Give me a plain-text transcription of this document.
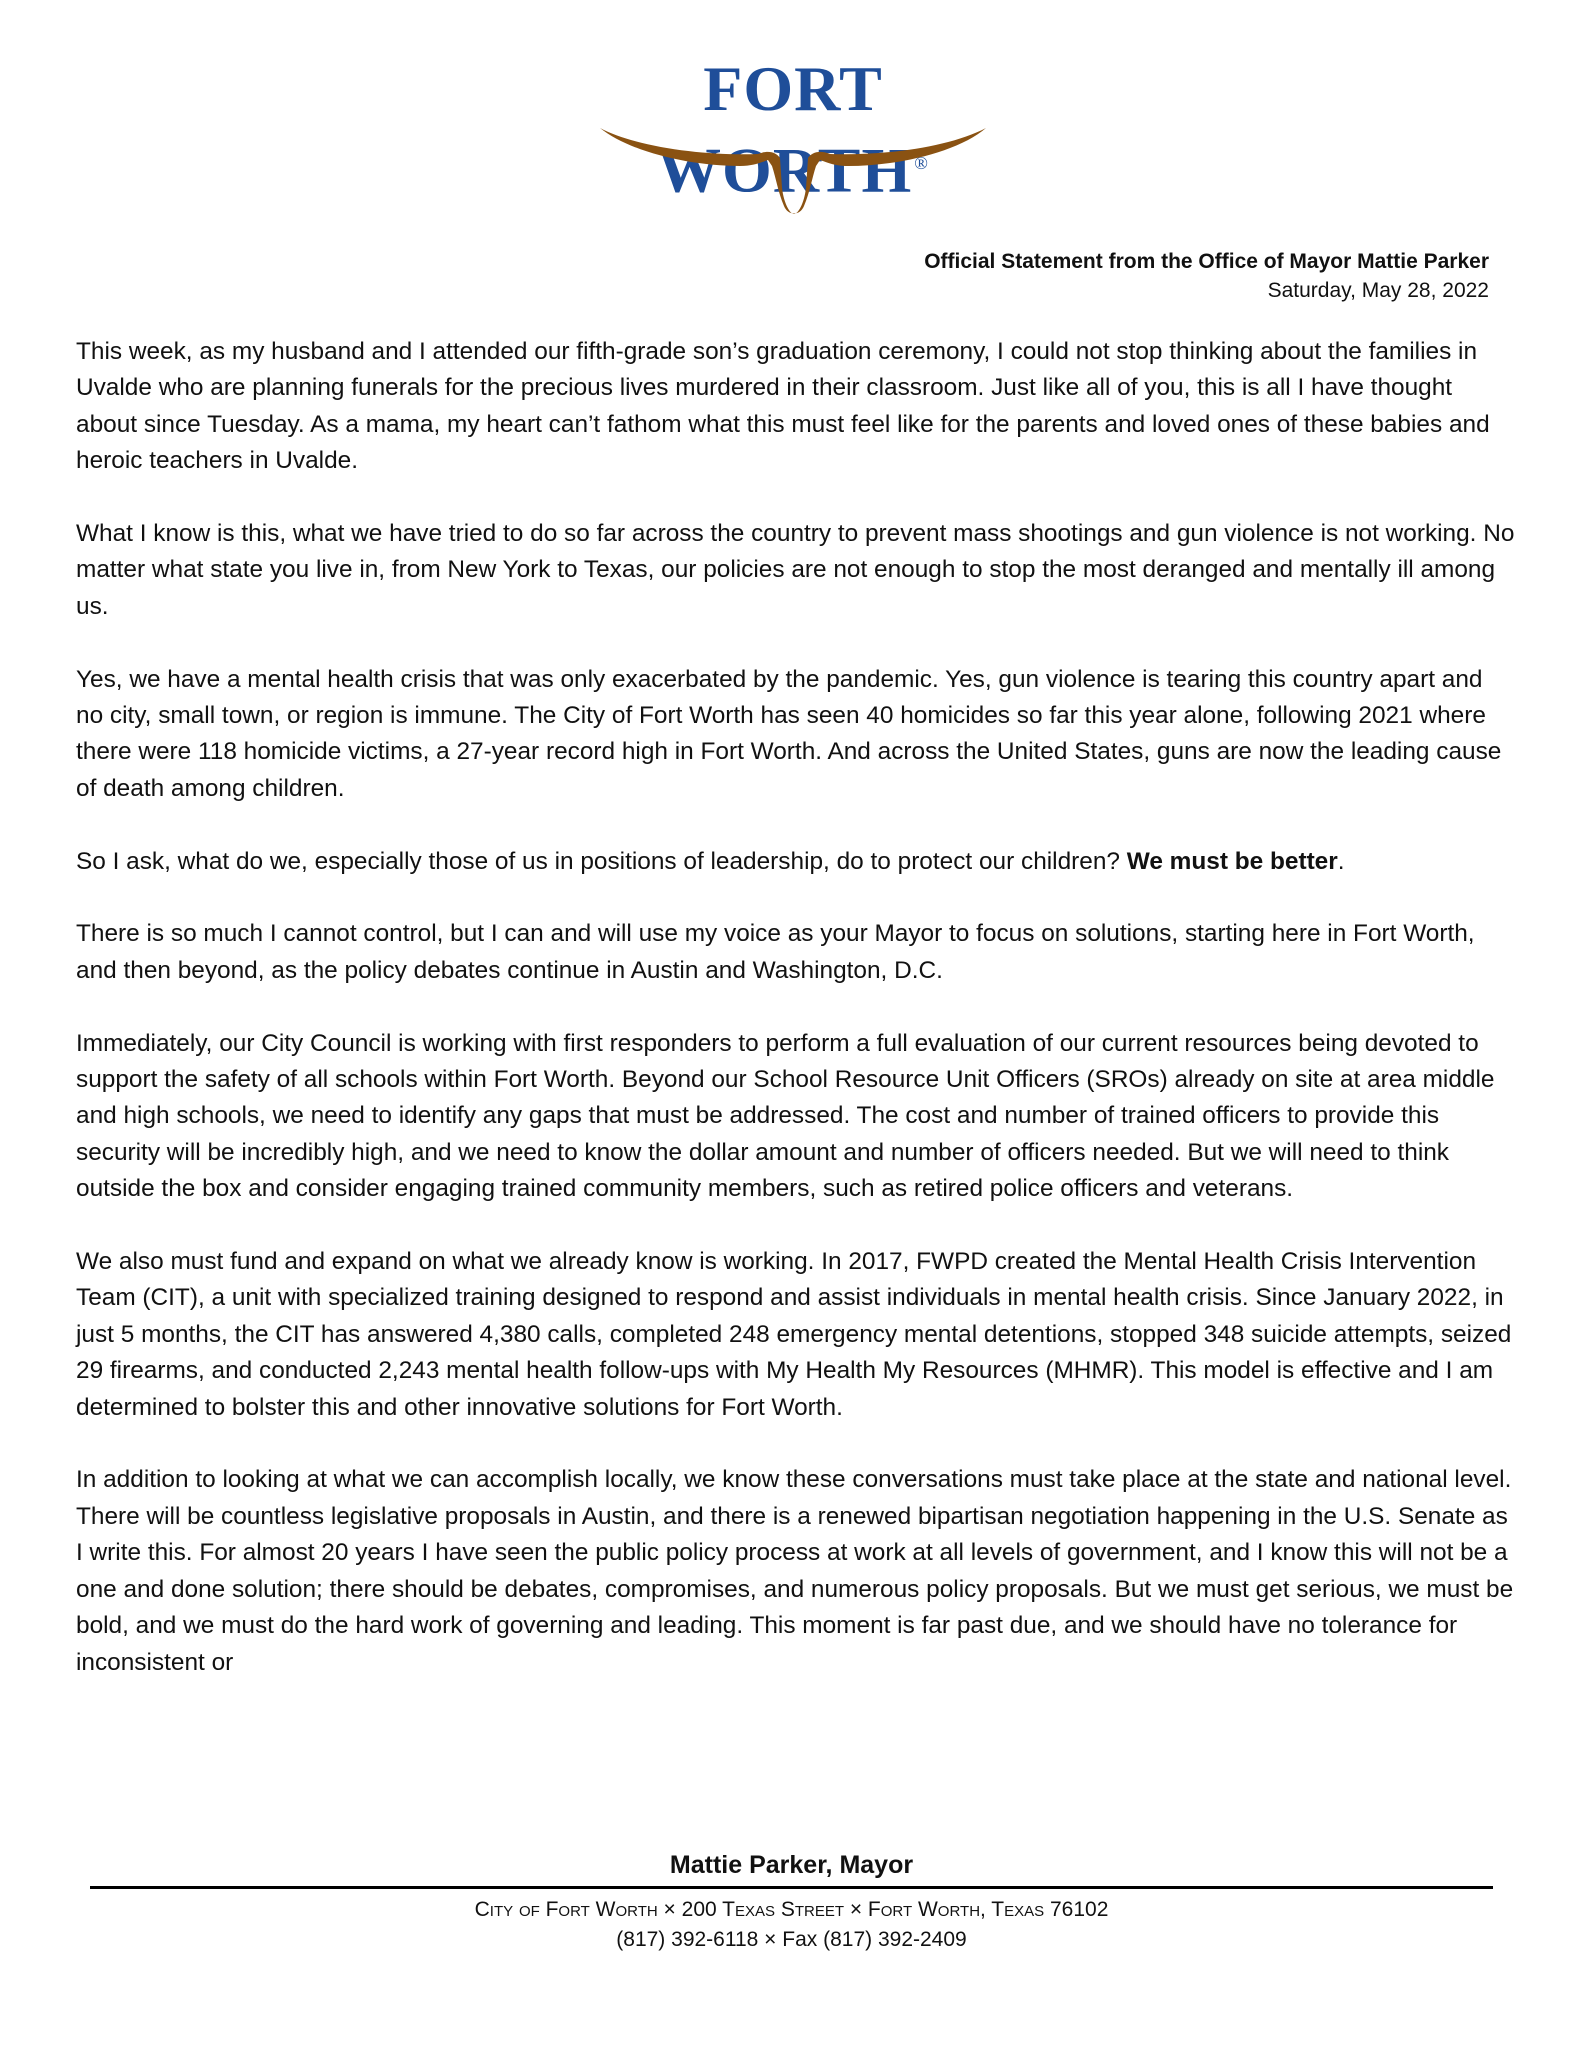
FORT WORTH ®
Official Statement from the Office of Mayor Mattie Parker
Saturday, May 28, 2022

This week, as my husband and I attended our fifth-grade son’s graduation ceremony, I could not stop thinking about the families in Uvalde who are planning funerals for the precious lives murdered in their classroom. Just like all of you, this is all I have thought about since Tuesday. As a mama, my heart can’t fathom what this must feel like for the parents and loved ones of these babies and heroic teachers in Uvalde.

What I know is this, what we have tried to do so far across the country to prevent mass shootings and gun violence is not working. No matter what state you live in, from New York to Texas, our policies are not enough to stop the most deranged and mentally ill among us.

Yes, we have a mental health crisis that was only exacerbated by the pandemic. Yes, gun violence is tearing this country apart and no city, small town, or region is immune. The City of Fort Worth has seen 40 homicides so far this year alone, following 2021 where there were 118 homicide victims, a 27-year record high in Fort Worth. And across the United States, guns are now the leading cause of death among children.

So I ask, what do we, especially those of us in positions of leadership, do to protect our children? We must be better.

There is so much I cannot control, but I can and will use my voice as your Mayor to focus on solutions, starting here in Fort Worth, and then beyond, as the policy debates continue in Austin and Washington, D.C.

Immediately, our City Council is working with first responders to perform a full evaluation of our current resources being devoted to support the safety of all schools within Fort Worth. Beyond our School Resource Unit Officers (SROs) already on site at area middle and high schools, we need to identify any gaps that must be addressed. The cost and number of trained officers to provide this security will be incredibly high, and we need to know the dollar amount and number of officers needed. But we will need to think outside the box and consider engaging trained community members, such as retired police officers and veterans.

We also must fund and expand on what we already know is working. In 2017, FWPD created the Mental Health Crisis Intervention Team (CIT), a unit with specialized training designed to respond and assist individuals in mental health crisis. Since January 2022, in just 5 months, the CIT has answered 4,380 calls, completed 248 emergency mental detentions, stopped 348 suicide attempts, seized 29 firearms, and conducted 2,243 mental health follow-ups with My Health My Resources (MHMR). This model is effective and I am determined to bolster this and other innovative solutions for Fort Worth.

In addition to looking at what we can accomplish locally, we know these conversations must take place at the state and national level. There will be countless legislative proposals in Austin, and there is a renewed bipartisan negotiation happening in the U.S. Senate as I write this. For almost 20 years I have seen the public policy process at work at all levels of government, and I know this will not be a one and done solution; there should be debates, compromises, and numerous policy proposals. But we must get serious, we must be bold, and we must do the hard work of governing and leading. This moment is far past due, and we should have no tolerance for inconsistent or

Mattie Parker, Mayor
City of Fort Worth × 200 Texas Street × Fort Worth, Texas 76102
(817) 392-6118 × Fax (817) 392-2409
